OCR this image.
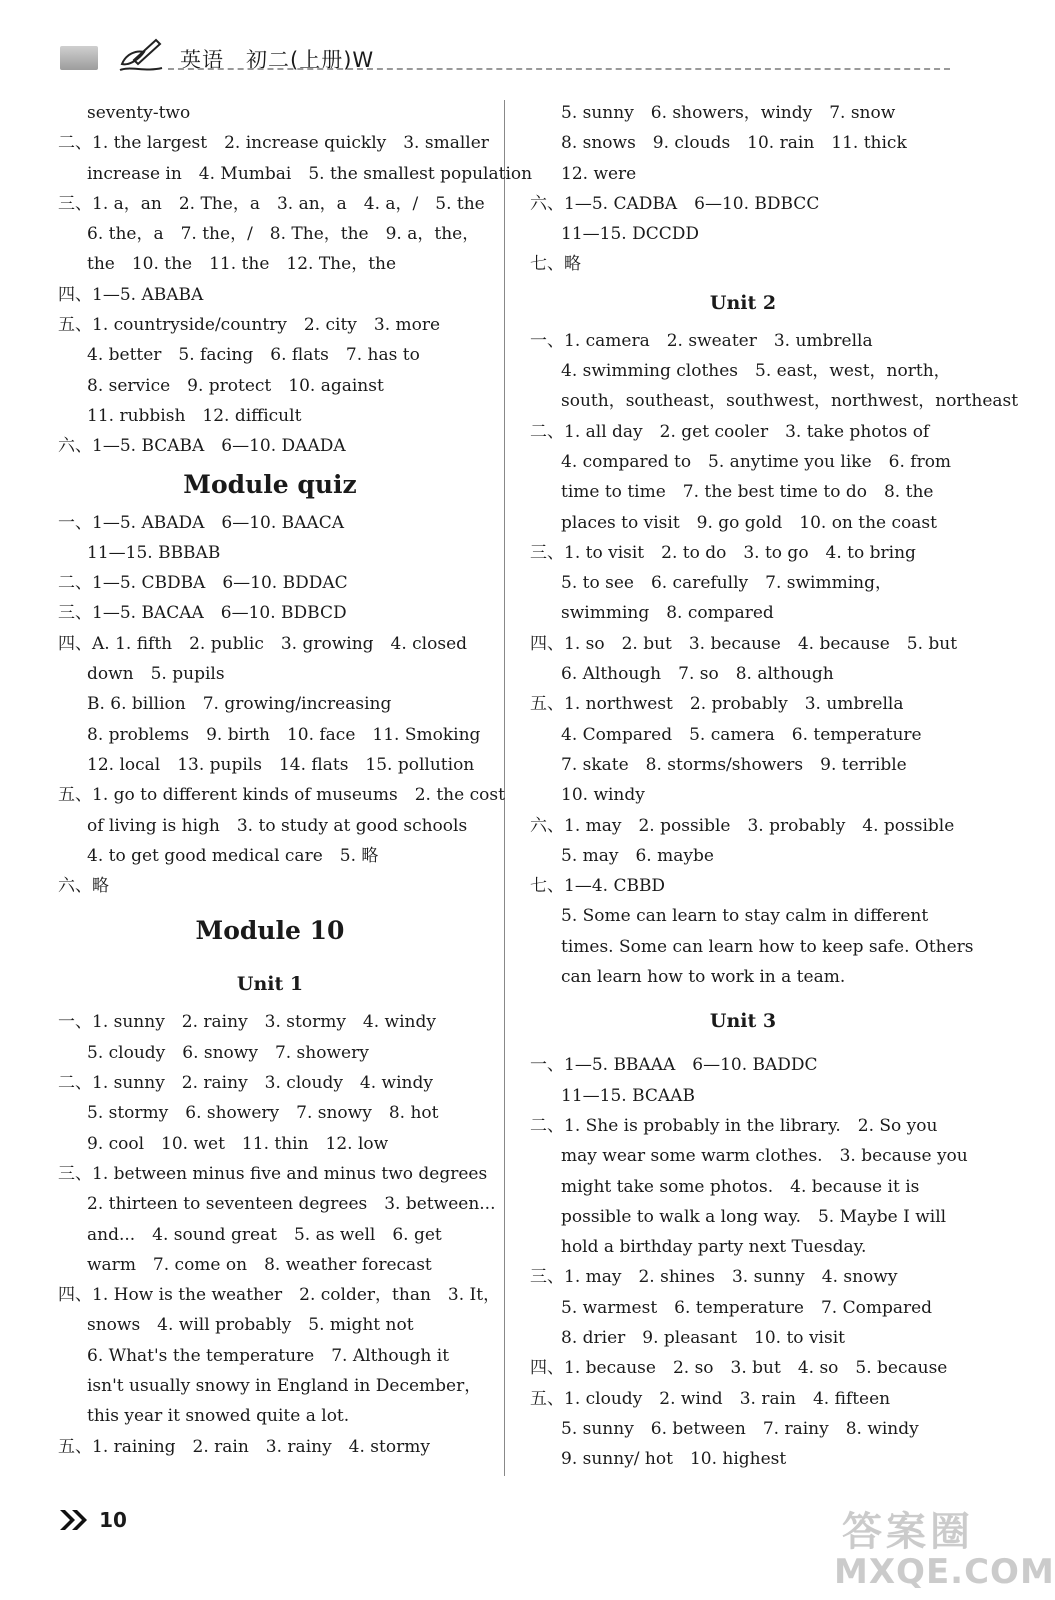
英语　初二(上册)W
seventy-two
二、1. the largest　2. increase quickly　3. smaller
increase in　4. Mumbai　5. the smallest population
三、1. a，an　2. The，a　3. an，a　4. a，/　5. the
6. the，a　7. the，/　8. The，the　9. a，the，
the　10. the　11. the　12. The，the
四、1—5. ABABA
五、1. countryside/country　2. city　3. more
4. better　5. facing　6. flats　7. has to
8. service　9. protect　10. against
11. rubbish　12. difficult
六、1—5. BCABA　6—10. DAADA
Module quiz
一、1—5. ABADA　6—10. BAACA
11—15. BBBAB
二、1—5. CBDBA　6—10. BDDAC
三、1—5. BACAA　6—10. BDBCD
四、A. 1. fifth　2. public　3. growing　4. closed
down　5. pupils
B. 6. billion　7. growing/increasing
8. problems　9. birth　10. face　11. Smoking
12. local　13. pupils　14. flats　15. pollution
五、1. go to different kinds of museums　2. the cost
of living is high　3. to study at good schools
4. to get good medical care　5. 略
六、略
Module 10
Unit 1
一、1. sunny　2. rainy　3. stormy　4. windy
5. cloudy　6. snowy　7. showery
二、1. sunny　2. rainy　3. cloudy　4. windy
5. stormy　6. showery　7. snowy　8. hot
9. cool　10. wet　11. thin　12. low
三、1. between minus five and minus two degrees
2. thirteen to seventeen degrees　3. between...
and...　4. sound great　5. as well　6. get
warm　7. come on　8. weather forecast
四、1. How is the weather　2. colder，than　3. It，
snows　4. will probably　5. might not
6. What's the temperature　7. Although it
isn't usually snowy in England in December，
this year it snowed quite a lot.
五、1. raining　2. rain　3. rainy　4. stormy
5. sunny　6. showers，windy　7. snow
8. snows　9. clouds　10. rain　11. thick
12. were
六、1—5. CADBA　6—10. BDBCC
11—15. DCCDD
七、略
Unit 2
一、1. camera　2. sweater　3. umbrella
4. swimming clothes　5. east，west，north，
south，southeast，southwest，northwest，northeast
二、1. all day　2. get cooler　3. take photos of
4. compared to　5. anytime you like　6. from
time to time　7. the best time to do　8. the
places to visit　9. go gold　10. on the coast
三、1. to visit　2. to do　3. to go　4. to bring
5. to see　6. carefully　7. swimming，
swimming　8. compared
四、1. so　2. but　3. because　4. because　5. but
6. Although　7. so　8. although
五、1. northwest　2. probably　3. umbrella
4. Compared　5. camera　6. temperature
7. skate　8. storms/showers　9. terrible
10. windy
六、1. may　2. possible　3. probably　4. possible
5. may　6. maybe
七、1—4. CBBD
5. Some can learn to stay calm in different
times. Some can learn how to keep safe. Others
can learn how to work in a team.
Unit 3
一、1—5. BBAAA　6—10. BADDC
11—15. BCAAB
二、1. She is probably in the library.　2. So you
may wear some warm clothes.　3. because you
might take some photos.　4. because it is
possible to walk a long way.　5. Maybe I will
hold a birthday party next Tuesday.
三、1. may　2. shines　3. sunny　4. snowy
5. warmest　6. temperature　7. Compared
8. drier　9. pleasant　10. to visit
四、1. because　2. so　3. but　4. so　5. because
五、1. cloudy　2. wind　3. rain　4. fifteen
5. sunny　6. between　7. rainy　8. windy
9. sunny/ hot　10. highest
10	答案圈
MXQE.COM
